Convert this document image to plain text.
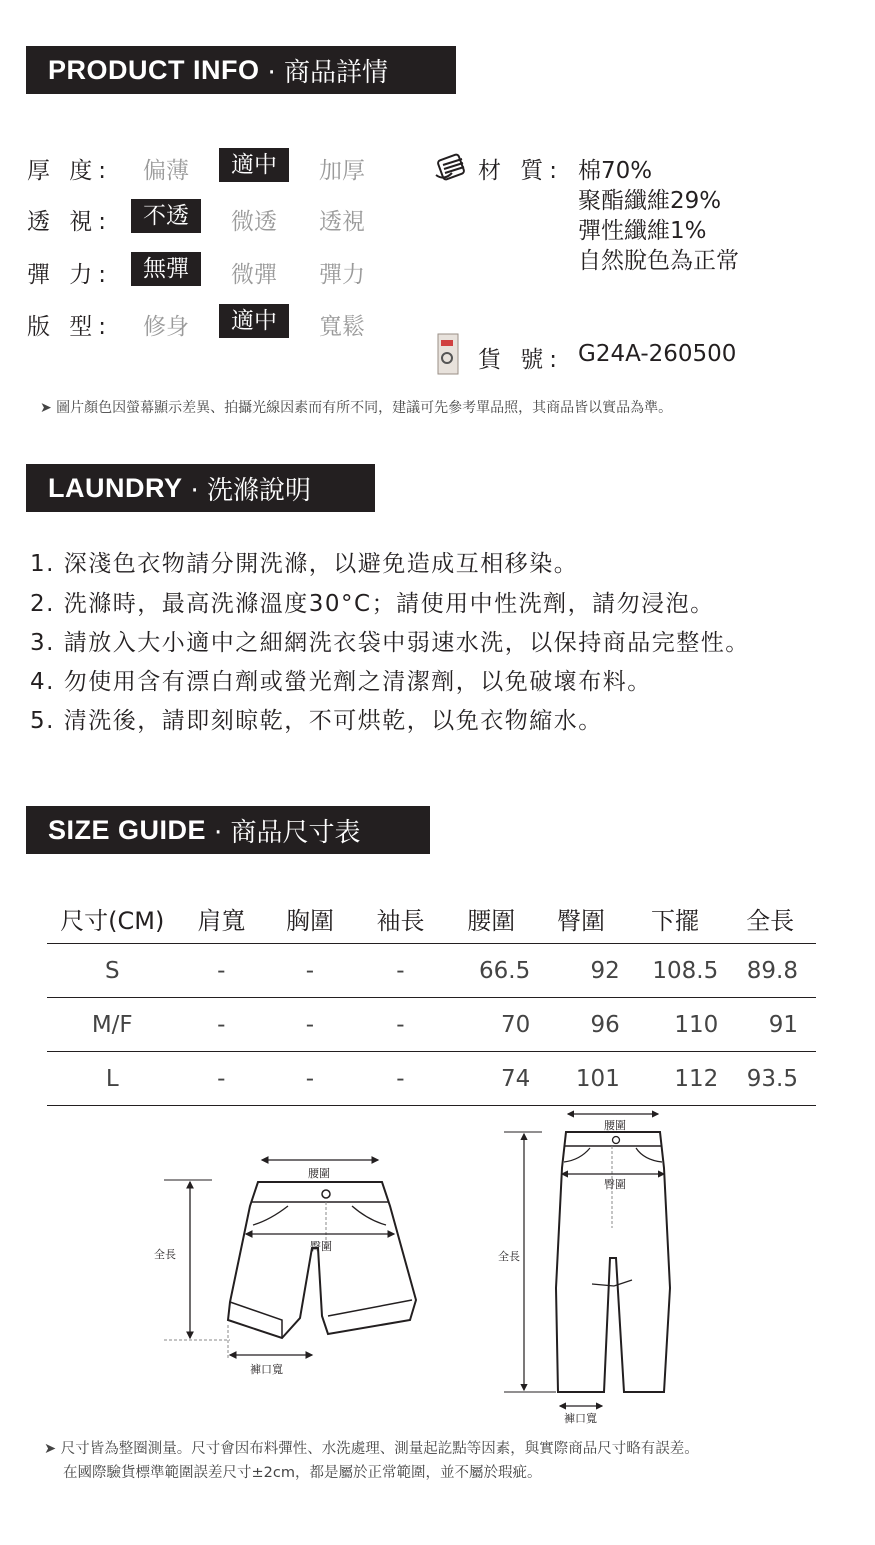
PRODUCT INFO · 商品詳情
厚 度:	偏薄	適中	加厚
透 視:	不透	微透	透視
彈 力:	無彈	微彈	彈力
版 型:	修身	適中	寬鬆
材 質: 棉70%
聚酯纖維29%
彈性纖維1%
自然脫色為正常
貨 號: G24A-260500
➤ 圖片顏色因螢幕顯示差異、拍攝光線因素而有所不同，建議可先參考單品照，其商品皆以實品為準。
LAUNDRY · 洗滌說明
1. 深淺色衣物請分開洗滌，以避免造成互相移染。
2. 洗滌時，最高洗滌溫度30°C；請使用中性洗劑，請勿浸泡。
3. 請放入大小適中之細網洗衣袋中弱速水洗，以保持商品完整性。
4. 勿使用含有漂白劑或螢光劑之清潔劑，以免破壞布料。
5. 清洗後，請即刻晾乾，不可烘乾，以免衣物縮水。
SIZE GUIDE · 商品尺寸表
尺寸(CM)	肩寬	胸圍	袖長	腰圍	臀圍	下擺	全長
S	-	-	-	66.5	92	108.5	89.8
M/F	-	-	-	70	96	110	91
L	-	-	-	74	101	112	93.5
腰圍
臀圍
全長
褲口寬
腰圍
臀圍
全長
褲口寬
➤ 尺寸皆為整圈測量。尺寸會因布料彈性、水洗處理、測量起訖點等因素，與實際商品尺寸略有誤差。
在國際驗貨標準範圍誤差尺寸±2cm，都是屬於正常範圍，並不屬於瑕疵。
